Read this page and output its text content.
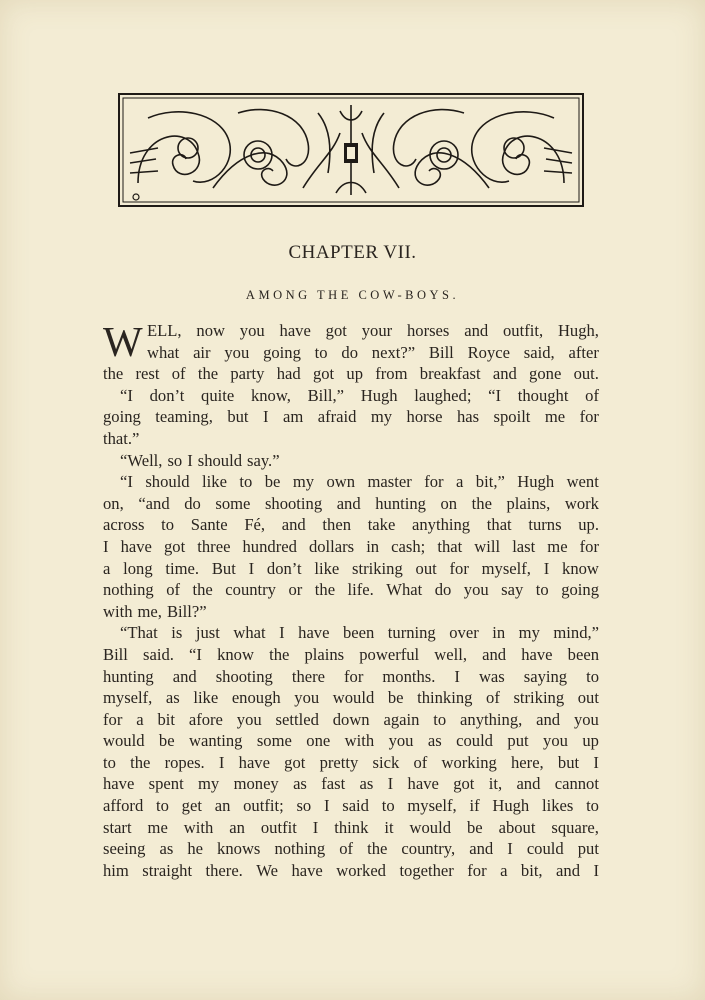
CHAPTER VII.
AMONG THE COW-BOYS.
W ELL, now you have got your horses and outfit, Hugh,
what air you going to do next?” Bill Royce said, after
the rest of the party had got up from breakfast and gone out.
“I don’t quite know, Bill,” Hugh laughed; “I thought of
going teaming, but I am afraid my horse has spoilt me for
that.”
“Well, so I should say.”
“I should like to be my own master for a bit,” Hugh went
on, “and do some shooting and hunting on the plains, work
across to Sante Fé, and then take anything that turns up.
I have got three hundred dollars in cash; that will last me for
a long time. But I don’t like striking out for myself, I know
nothing of the country or the life. What do you say to going
with me, Bill?”
“That is just what I have been turning over in my mind,”
Bill said. “I know the plains powerful well, and have been
hunting and shooting there for months. I was saying to
myself, as like enough you would be thinking of striking out
for a bit afore you settled down again to anything, and you
would be wanting some one with you as could put you up
to the ropes. I have got pretty sick of working here, but I
have spent my money as fast as I have got it, and cannot
afford to get an outfit; so I said to myself, if Hugh likes to
start me with an outfit I think it would be about square,
seeing as he knows nothing of the country, and I could put
him straight there. We have worked together for a bit, and I
